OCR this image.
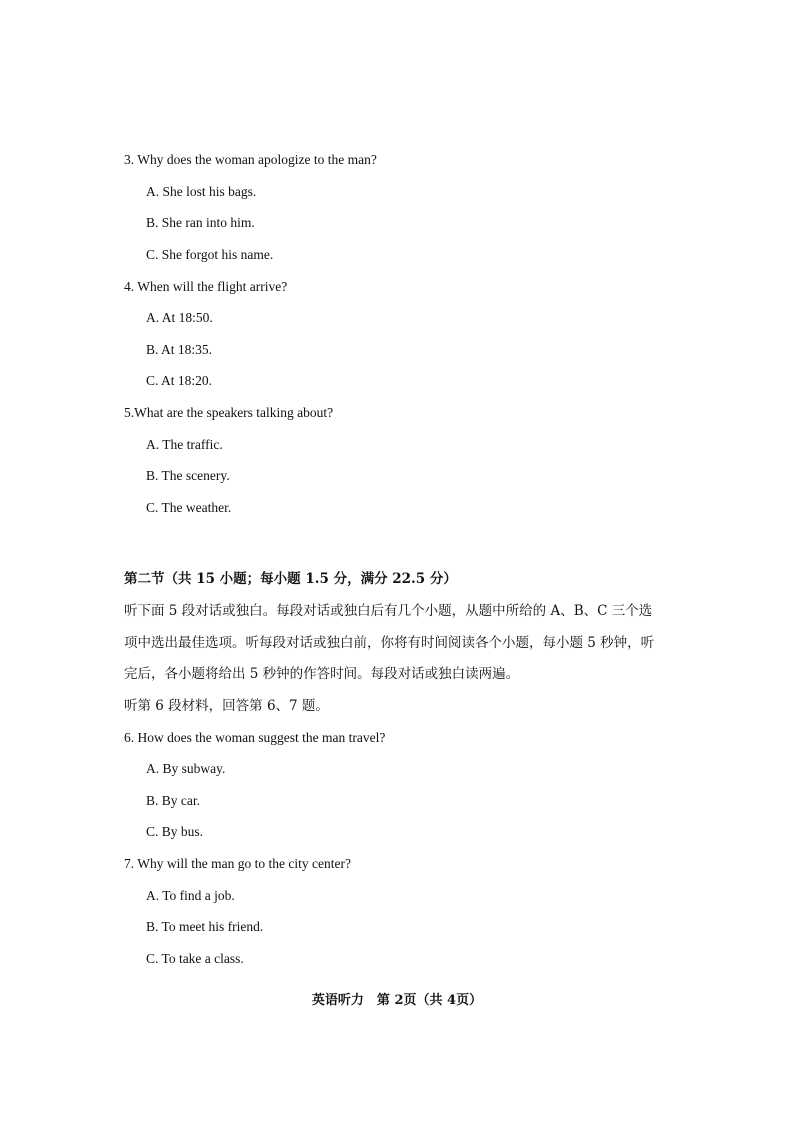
3. Why does the woman apologize to the man?
A. She lost his bags.
B. She ran into him.
C. She forgot his name.
4. When will the flight arrive?
A. At 18:50.
B. At 18:35.
C. At 18:20.
5.What are the speakers talking about?
A. The traffic.
B. The scenery.
C. The weather.
第二节（共 15 小题；每小题 1.5 分，满分 22.5 分）
听下面 5 段对话或独白。每段对话或独白后有几个小题，从题中所给的 A、B、C 三个选
项中选出最佳选项。听每段对话或独白前，你将有时间阅读各个小题，每小题 5 秒钟，听
完后，各小题将给出 5 秒钟的作答时间。每段对话或独白读两遍。
听第 6 段材料，回答第 6、7 题。
6. How does the woman suggest the man travel?
A. By subway.
B. By car.
C. By bus.
7. Why will the man go to the city center?
A. To find a job.
B. To meet his friend.
C. To take a class.
英语听力　第 2页（共 4页）
